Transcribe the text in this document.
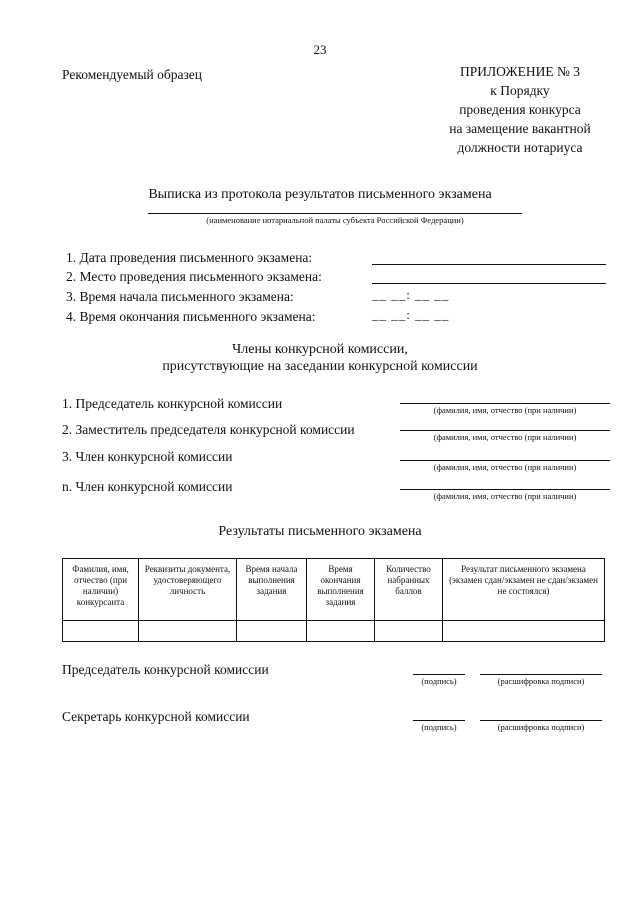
23
Рекомендуемый образец	ПРИЛОЖЕНИЕ № 3
к Порядку
проведения конкурса
на замещение вакантной
должности нотариуса
Выписка из протокола результатов письменного экзамена
(наименование нотариальной палаты субъекта Российской Федерации)
1. Дата проведения письменного экзамена:
2. Место проведения письменного экзамена:
3. Время начала письменного экзамена:	__ __: __ __
4. Время окончания письменного экзамена:	__ __: __ __
Члены конкурсной комиссии,
присутствующие на заседании конкурсной комиссии
1. Председатель конкурсной комиссии	(фамилия, имя, отчество (при наличии)
2. Заместитель председателя конкурсной комиссии	(фамилия, имя, отчество (при наличии)
3. Член конкурсной комиссии
(фамилия, имя, отчество (при наличии)
n. Член конкурсной комиссии
(фамилия, имя, отчество (при наличии)
Результаты письменного экзамена
Фамилия, имя, отчество (при наличии) конкурсанта	Реквизиты документа, удостоверяющего личность	Время начала выполнения задания	Время окончания выполнения задания	Количество набранных баллов	Результат письменного экзамена (экзамен сдан/экзамен не сдан/экзамен не состоялся)

Председатель конкурсной комиссии
(подпись)	(расшифровка подписи)
Секретарь конкурсной комиссии
(подпись)	(расшифровка подписи)
